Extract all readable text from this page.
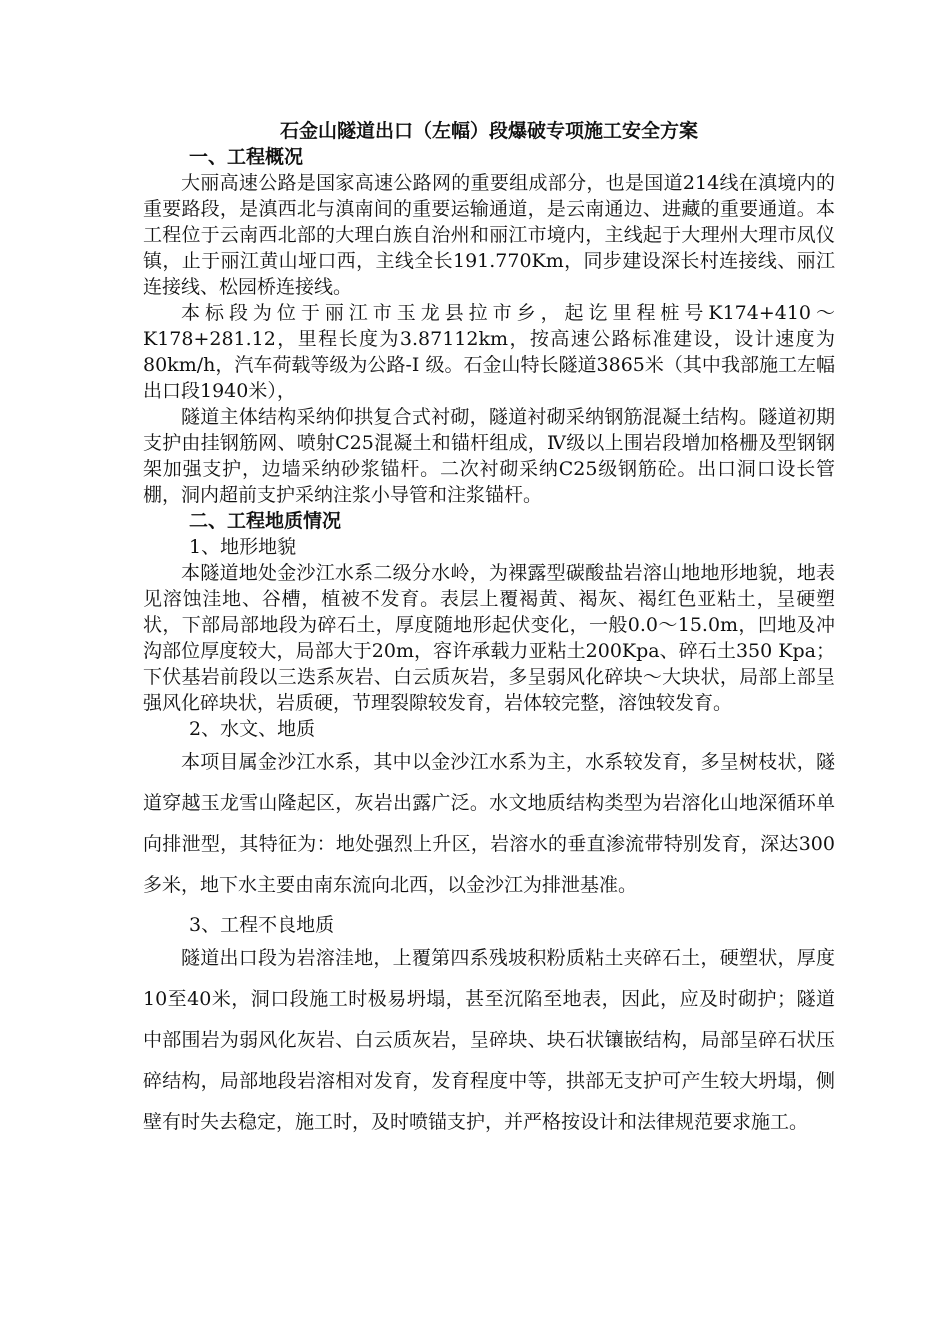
石金山隧道出口（左幅）段爆破专项施工安全方案

一、工程概况

大丽高速公路是国家高速公路网的重要组成部分，也是国道214线在滇境内的重要路段，是滇西北与滇南间的重要运输通道，是云南通边、进藏的重要通道。本工程位于云南西北部的大理白族自治州和丽江市境内，主线起于大理州大理市凤仪镇，止于丽江黄山垭口西，主线全长191.770Km，同步建设深长村连接线、丽江连接线、松园桥连接线。

本标段为位于丽江市玉龙县拉市乡，起讫里程桩号K174+410～K178+281.12，里程长度为3.87112km，按高速公路标准建设，设计速度为80km/h，汽车荷载等级为公路-Ⅰ 级。石金山特长隧道3865米（其中我部施工左幅出口段1940米），

隧道主体结构采纳仰拱复合式衬砌，隧道衬砌采纳钢筋混凝土结构。隧道初期支护由挂钢筋网、喷射C25混凝土和锚杆组成，Ⅳ级以上围岩段增加格栅及型钢钢架加强支护，边墙采纳砂浆锚杆。二次衬砌采纳C25级钢筋砼。出口洞口设长管棚，洞内超前支护采纳注浆小导管和注浆锚杆。

二、工程地质情况

1、地形地貌

本隧道地处金沙江水系二级分水岭，为裸露型碳酸盐岩溶山地地形地貌，地表见溶蚀洼地、谷槽，植被不发育。表层上覆褐黄、褐灰、褐红色亚粘土，呈硬塑状，下部局部地段为碎石土，厚度随地形起伏变化，一般0.0～15.0m，凹地及冲沟部位厚度较大，局部大于20m，容许承载力亚粘土200Kpa、碎石土350 Kpa；下伏基岩前段以三迭系灰岩、白云质灰岩，多呈弱风化碎块～大块状，局部上部呈强风化碎块状，岩质硬，节理裂隙较发育，岩体较完整，溶蚀较发育。

2、水文、地质

本项目属金沙江水系，其中以金沙江水系为主，水系较发育，多呈树枝状，隧道穿越玉龙雪山隆起区，灰岩出露广泛。水文地质结构类型为岩溶化山地深循环单向排泄型，其特征为：地处强烈上升区，岩溶水的垂直渗流带特别发育，深达300多米，地下水主要由南东流向北西，以金沙江为排泄基准。

3、工程不良地质

隧道出口段为岩溶洼地，上覆第四系残坡积粉质粘土夹碎石土，硬塑状，厚度10至40米，洞口段施工时极易坍塌，甚至沉陷至地表，因此，应及时砌护；隧道中部围岩为弱风化灰岩、白云质灰岩，呈碎块、块石状镶嵌结构，局部呈碎石状压碎结构，局部地段岩溶相对发育，发育程度中等，拱部无支护可产生较大坍塌，侧壁有时失去稳定，施工时，及时喷锚支护，并严格按设计和法律规范要求施工。
